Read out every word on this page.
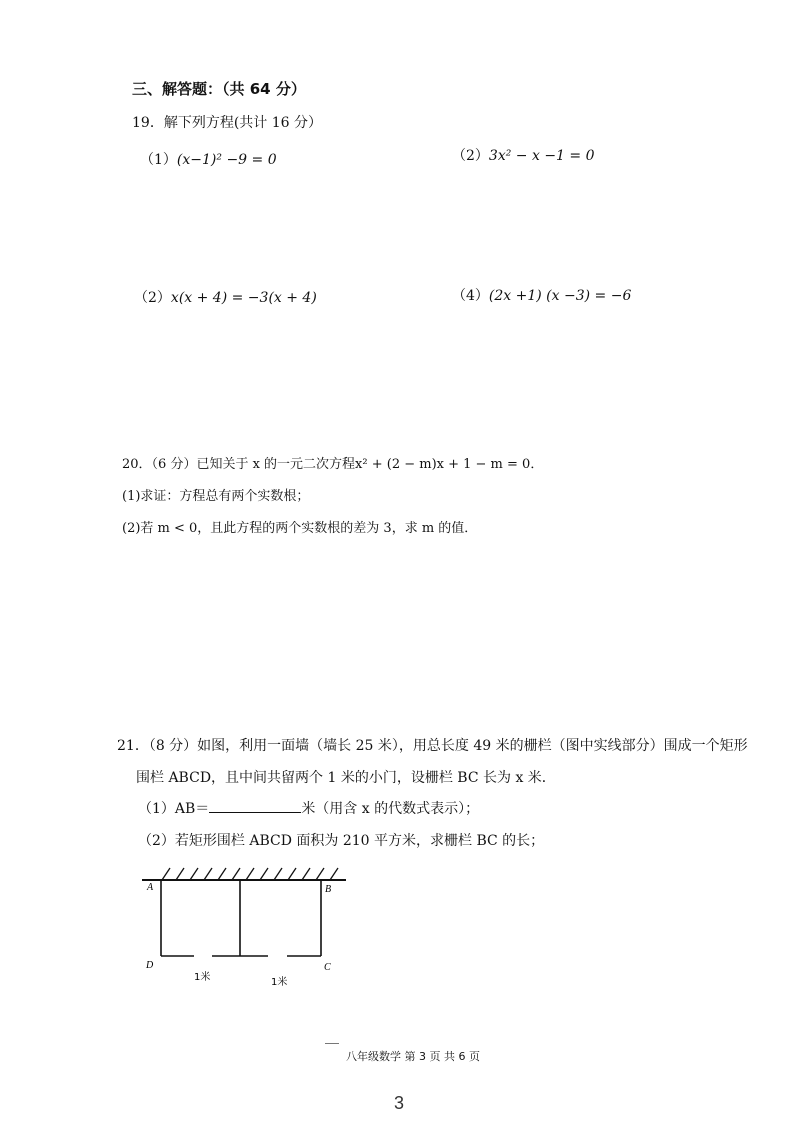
三、解答题：（共 64 分）
19．解下列方程(共计 16 分）
（1）(x−1)² −9 = 0	（2）3x² − x −1 = 0
（2）x(x + 4) = −3(x + 4)	（4）(2x +1) (x −3) = −6
20．（6 分）已知关于 x 的一元二次方程x² + (2 − m)x + 1 − m = 0．
(1)求证：方程总有两个实数根；
(2)若 m < 0，且此方程的两个实数根的差为 3，求 m 的值．
21．（8 分）如图，利用一面墙（墙长 25 米），用总长度 49 米的栅栏（图中实线部分）围成一个矩形
围栏 ABCD，且中间共留两个 1 米的小门，设栅栏 BC 长为 x 米．
（1）AB＝	米（用含 x 的代数式表示）；
（2）若矩形围栏 ABCD 面积为 210 平方米，求栅栏 BC 的长；
A	B
C
D
1米	1米
八年级数学 第 3 页 共 6 页
3
